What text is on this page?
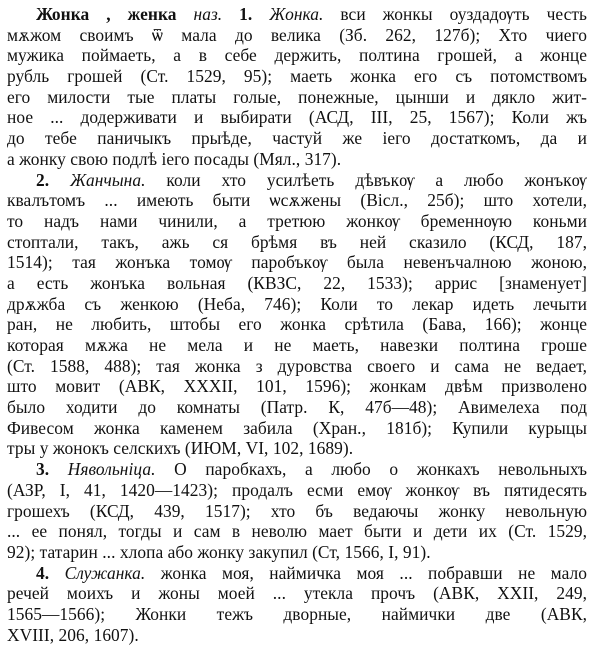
Жонка , женка наз. 1. Жонка. вси жонкы оуздадѹть честь
мѫжом своимъ ѿ мала до велика (Зб. 262, 127б); Хто чиего
мужика поймаеть, а в себе держить, полтина грошей, а жонце
рубль грошей (Ст. 1529, 95); маеть жонка его съ потомствомъ
его милости тые платы голые, понежные, цынши и дякло жит-
ное ... додерживати и выбирати (АСД, III, 25, 1567); Коли жъ
до тебе паничыкъ прыѣде, частуй же іего достаткомъ, да и
а жонку свою подлѣ іего посады (Мял., 317).
2. Жанчына. коли хто усилѣеть дѣвъкѹ а любо жонъкѹ
квалътомъ ... имеють быти ѡсѫжены (Вісл., 25б); што хотели,
то надъ нами чинили, а третюю жонкѹ бременнѹю коньми
стоптали, такъ, ажь ся брѣмя въ ней сказило (КСД, 187,
1514); тая жонъка томѹ паробъкѹ была невенъчалною жоною,
а есть жонъка вольная (КВЗС, 22, 1533); аррис [знаменует]
дрѫжба съ женкою (Неба, 746); Коли то лекар идеть лечыти
ран, не любить, штобы его жонка срѣтила (Бава, 166); жонце
которая мѫжа не мела и не маеть, навезки полтина гроше
(Ст. 1588, 488); тая жонка з дуровства своего и сама не ведает,
што мовит (АВК, XXXII, 101, 1596); жонкам двѣм призволено
было ходити до комнаты (Патр. К, 47б—48); Авимелеха под
Фивесом жонка каменем забила (Хран., 181б); Купили курыцы
тры у жонокъ селскихъ (ИЮМ, VI, 102, 1689).
3. Нявольніца. О паробкахъ, а любо о жонкахъ невольныхъ
(АЗР, I, 41, 1420—1423); продалъ есми емѹ жонкѹ въ пятидесять
грошехъ (КСД, 439, 1517); хто бъ ведаючы жонку невольную
... ее понял, тогды и сам в неволю мает быти и дети их (Ст. 1529,
92); татарин ... хлопа або жонку закупил (Ст, 1566, I, 91).
4. Служанка. жонка моя, наймичка моя ... побравши не мало
речей моихъ и жоны моей ... утекла прочъ (АВК, XXII, 249,
1565—1566); Жонки тежъ дворные, наймички две (АВК,
XVIII, 206, 1607).
